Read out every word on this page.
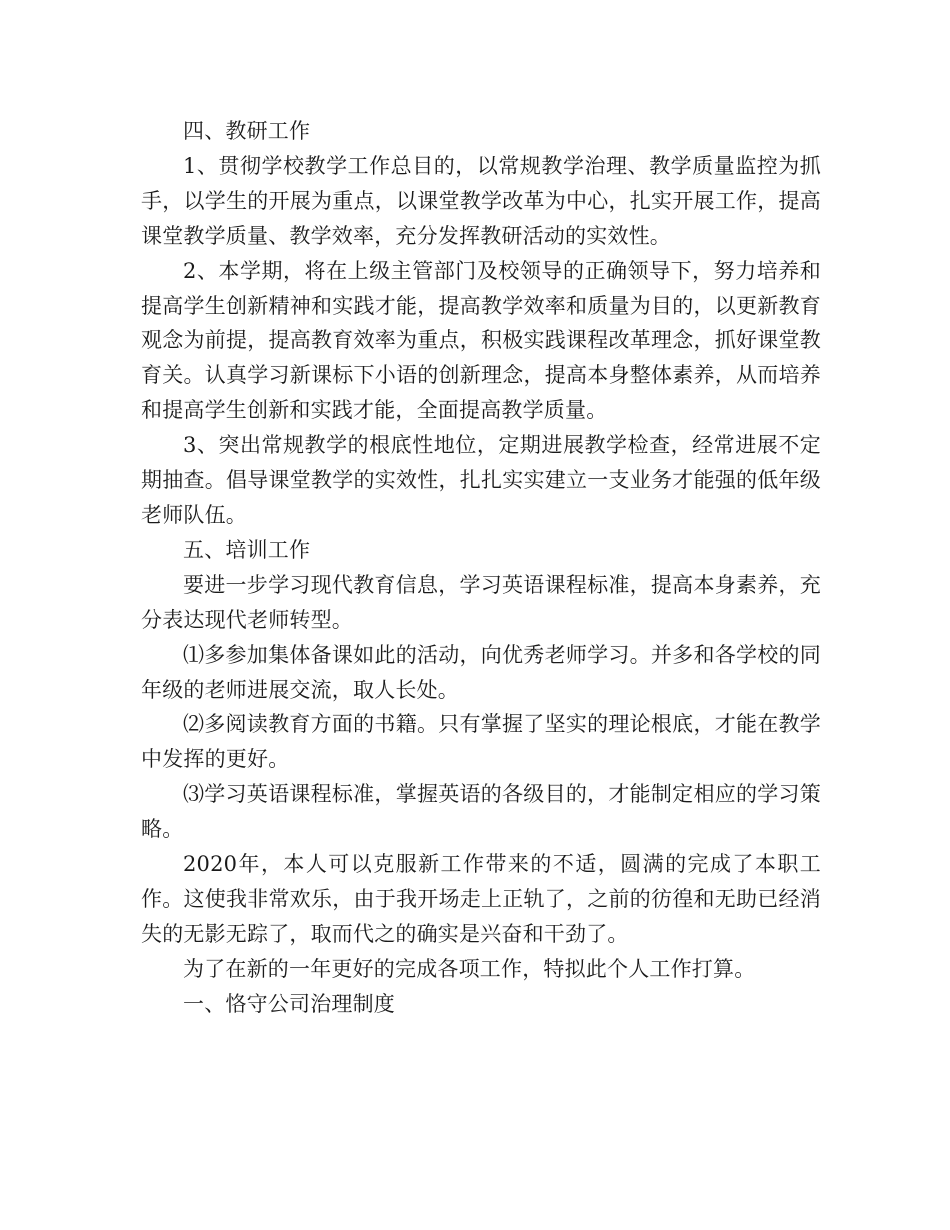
四、教研工作

1、贯彻学校教学工作总目的，以常规教学治理、教学质量监控为抓手，以学生的开展为重点，以课堂教学改革为中心，扎实开展工作，提高课堂教学质量、教学效率，充分发挥教研活动的实效性。

2、本学期，将在上级主管部门及校领导的正确领导下，努力培养和提高学生创新精神和实践才能，提高教学效率和质量为目的，以更新教育观念为前提，提高教育效率为重点，积极实践课程改革理念，抓好课堂教育关。认真学习新课标下小语的创新理念，提高本身整体素养，从而培养和提高学生创新和实践才能，全面提高教学质量。

3、突出常规教学的根底性地位，定期进展教学检查，经常进展不定期抽查。倡导课堂教学的实效性，扎扎实实建立一支业务才能强的低年级老师队伍。

五、培训工作

要进一步学习现代教育信息，学习英语课程标准，提高本身素养，充分表达现代老师转型。

⑴多参加集体备课如此的活动，向优秀老师学习。并多和各学校的同年级的老师进展交流，取人长处。

⑵多阅读教育方面的书籍。只有掌握了坚实的理论根底，才能在教学中发挥的更好。

⑶学习英语课程标准，掌握英语的各级目的，才能制定相应的学习策略。

2020年，本人可以克服新工作带来的不适，圆满的完成了本职工作。这使我非常欢乐，由于我开场走上正轨了，之前的彷徨和无助已经消失的无影无踪了，取而代之的确实是兴奋和干劲了。

为了在新的一年更好的完成各项工作，特拟此个人工作打算。

一、恪守公司治理制度
